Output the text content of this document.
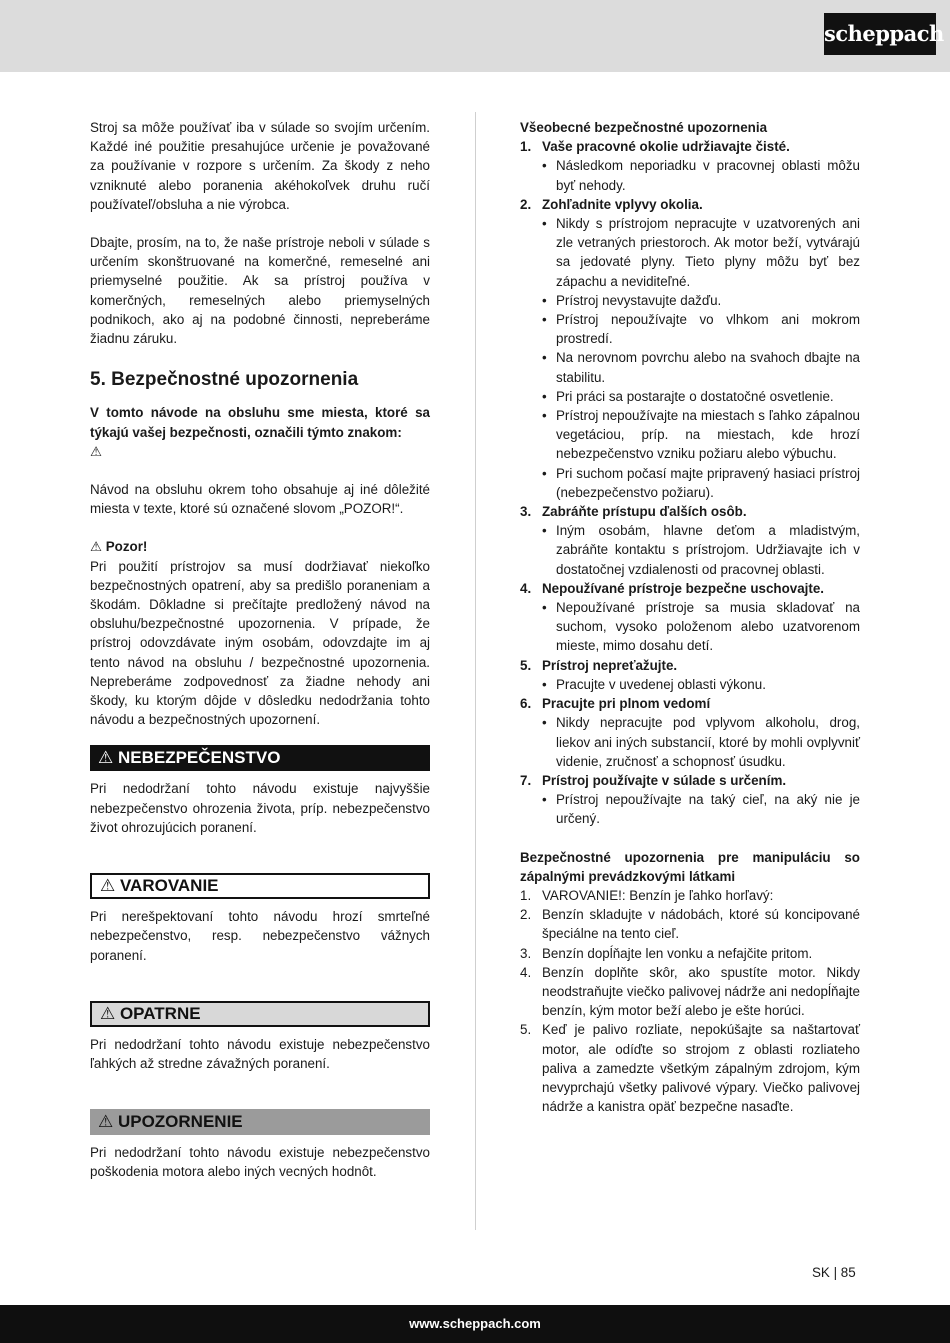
scheppach

Stroj sa môže používať iba v súlade so svojím určením. Každé iné použitie presahujúce určenie je považované za používanie v rozpore s určením. Za škody z neho vzniknuté alebo poranenia akéhokoľvek druhu ručí používateľ/obsluha a nie výrobca.

Dbajte, prosím, na to, že naše prístroje neboli v súlade s určením skonštruované na komerčné, remeselné ani priemyselné použitie. Ak sa prístroj používa v komerčných, remeselných alebo priemyselných podnikoch, ako aj na podobné činnosti, nepreberáme žiadnu záruku.

5. Bezpečnostné upozornenia

V tomto návode na obsluhu sme miesta, ktoré sa týkajú vašej bezpečnosti, označili týmto znakom:

⚠

Návod na obsluhu okrem toho obsahuje aj iné dôležité miesta v texte, ktoré sú označené slovom „POZOR!“.

⚠ Pozor!

Pri použití prístrojov sa musí dodržiavať niekoľko bezpečnostných opatrení, aby sa predišlo poraneniam a škodám. Dôkladne si prečítajte predložený návod na obsluhu/bezpečnostné upozornenia. V prípade, že prístroj odovzdávate iným osobám, odovzdajte im aj tento návod na obsluhu / bezpečnostné upozornenia. Nepreberáme zodpovednosť za žiadne nehody ani škody, ku ktorým dôjde v dôsledku nedodržania tohto návodu a bezpečnostných upozornení.

⚠ NEBEZPEČENSTVO

Pri nedodržaní tohto návodu existuje najvyššie nebezpečenstvo ohrozenia života, príp. nebezpečenstvo život ohrozujúcich poranení.

⚠ VAROVANIE

Pri nerešpektovaní tohto návodu hrozí smrteľné nebezpečenstvo, resp. nebezpečenstvo vážnych poranení.

⚠ OPATRNE

Pri nedodržaní tohto návodu existuje nebezpečenstvo ľahkých až stredne závažných poranení.

⚠ UPOZORNENIE

Pri nedodržaní tohto návodu existuje nebezpečenstvo poškodenia motora alebo iných vecných hodnôt.

Všeobecné bezpečnostné upozornenia
1. Vaše pracovné okolie udržiavajte čisté.
• Následkom neporiadku v pracovnej oblasti môžu byť nehody.
2. Zohľadnite vplyvy okolia.
• Nikdy s prístrojom nepracujte v uzatvorených ani zle vetraných priestoroch. Ak motor beží, vytvárajú sa jedovaté plyny. Tieto plyny môžu byť bez zápachu a neviditeľné.
• Prístroj nevystavujte dažďu.
• Prístroj nepoužívajte vo vlhkom ani mokrom prostredí.
• Na nerovnom povrchu alebo na svahoch dbajte na stabilitu.
• Pri práci sa postarajte o dostatočné osvetlenie.
• Prístroj nepoužívajte na miestach s ľahko zápalnou vegetáciou, príp. na miestach, kde hrozí nebezpečenstvo vzniku požiaru alebo výbuchu.
• Pri suchom počasí majte pripravený hasiaci prístroj (nebezpečenstvo požiaru).
3. Zabráňte prístupu ďalších osôb.
• Iným osobám, hlavne deťom a mladistvým, zabráňte kontaktu s prístrojom. Udržiavajte ich v dostatočnej vzdialenosti od pracovnej oblasti.
4. Nepoužívané prístroje bezpečne uschovajte.
• Nepoužívané prístroje sa musia skladovať na suchom, vysoko položenom alebo uzatvorenom mieste, mimo dosahu detí.
5. Prístroj nepreťažujte.
• Pracujte v uvedenej oblasti výkonu.
6. Pracujte pri plnom vedomí
• Nikdy nepracujte pod vplyvom alkoholu, drog, liekov ani iných substancií, ktoré by mohli ovplyvniť videnie, zručnosť a schopnosť úsudku.
7. Prístroj používajte v súlade s určením.
• Prístroj nepoužívajte na taký cieľ, na aký nie je určený.

Bezpečnostné upozornenia pre manipuláciu so zápalnými prevádzkovými látkami

1. VAROVANIE!: Benzín je ľahko horľavý:
2. Benzín skladujte v nádobách, ktoré sú koncipované špeciálne na tento cieľ.
3. Benzín dopĺňajte len vonku a nefajčite pritom.
4. Benzín doplňte skôr, ako spustíte motor. Nikdy neodstraňujte viečko palivovej nádrže ani nedopĺňajte benzín, kým motor beží alebo je ešte horúci.
5. Keď je palivo rozliate, nepokúšajte sa naštartovať motor, ale odíďte so strojom z oblasti rozliateho paliva a zamedzte všetkým zápalným zdrojom, kým nevyprchajú všetky palivové výpary. Viečko palivovej nádrže a kanistra opäť bezpečne nasaďte.
SK | 85
www.scheppach.com
